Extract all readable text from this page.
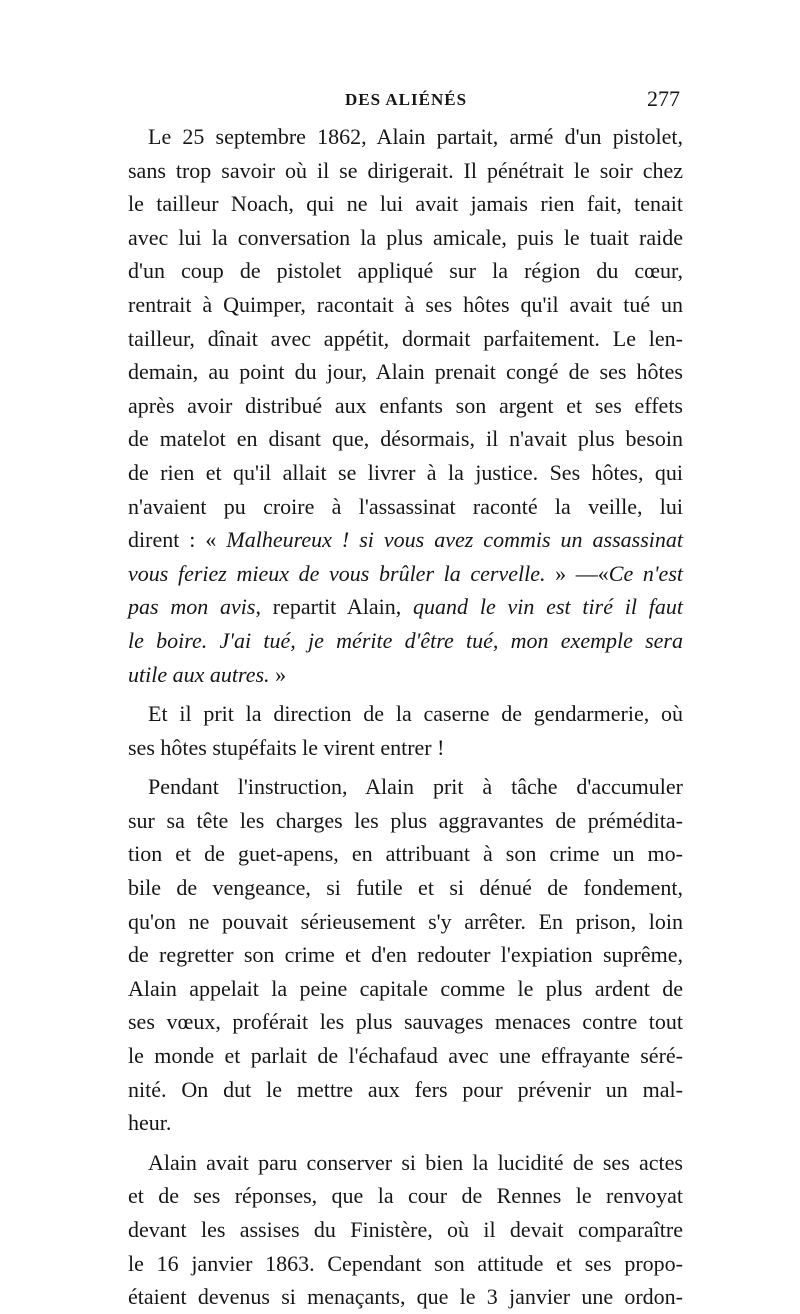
DES ALIÉNÉS	277
Le 25 septembre 1862, Alain partait, armé d'un pistolet,
sans trop savoir où il se dirigerait. Il pénétrait le soir chez
le tailleur Noach, qui ne lui avait jamais rien fait, tenait
avec lui la conversation la plus amicale, puis le tuait raide
d'un coup de pistolet appliqué sur la région du cœur,
rentrait à Quimper, racontait à ses hôtes qu'il avait tué un
tailleur, dînait avec appétit, dormait parfaitement. Le len-
demain, au point du jour, Alain prenait congé de ses hôtes
après avoir distribué aux enfants son argent et ses effets
de matelot en disant que, désormais, il n'avait plus besoin
de rien et qu'il allait se livrer à la justice. Ses hôtes, qui
n'avaient pu croire à l'assassinat raconté la veille, lui
dirent : « Malheureux ! si vous avez commis un assassinat
vous feriez mieux de vous brûler la cervelle. » —«Ce n'est
pas mon avis, repartit Alain, quand le vin est tiré il faut
le boire. J'ai tué, je mérite d'être tué, mon exemple sera
utile aux autres. »
Et il prit la direction de la caserne de gendarmerie, où
ses hôtes stupéfaits le virent entrer !
Pendant l'instruction, Alain prit à tâche d'accumuler
sur sa tête les charges les plus aggravantes de prémédita-
tion et de guet-apens, en attribuant à son crime un mo-
bile de vengeance, si futile et si dénué de fondement,
qu'on ne pouvait sérieusement s'y arrêter. En prison, loin
de regretter son crime et d'en redouter l'expiation suprême,
Alain appelait la peine capitale comme le plus ardent de
ses vœux, proférait les plus sauvages menaces contre tout
le monde et parlait de l'échafaud avec une effrayante séré-
nité. On dut le mettre aux fers pour prévenir un mal-
heur.
Alain avait paru conserver si bien la lucidité de ses actes
et de ses réponses, que la cour de Rennes le renvoyat
devant les assises du Finistère, où il devait comparaître
le 16 janvier 1863. Cependant son attitude et ses propo-
étaient devenus si menaçants, que le 3 janvier une ordon-
